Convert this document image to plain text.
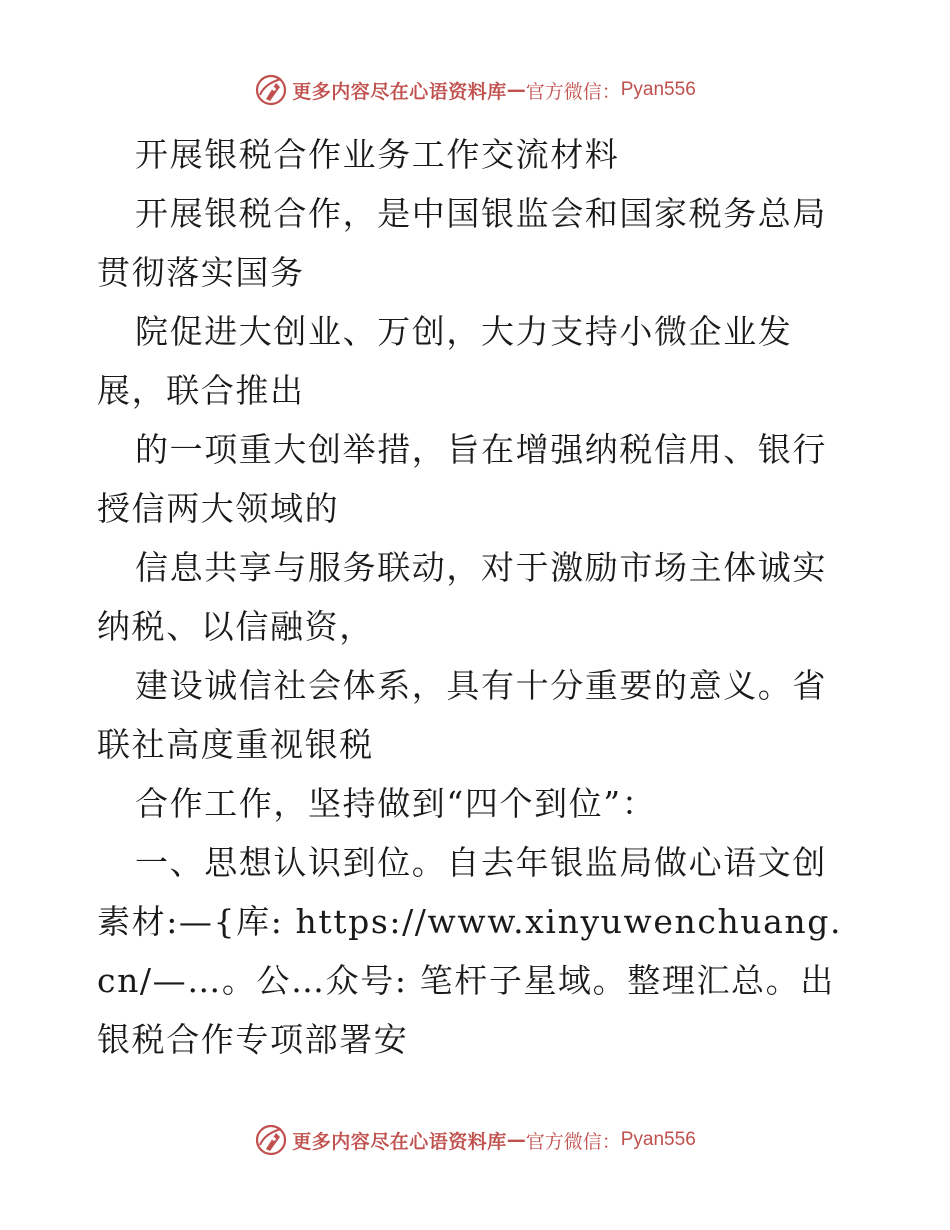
更多内容尽在心语资料库 — 官方微信： Pyan556

开展银税合作业务工作交流材料

开展银税合作，是中国银监会和国家税务总局贯彻落实国务

院促进大创业、万创，大力支持小微企业发展，联合推出

的一项重大创举措，旨在增强纳税信用、银行授信两大领域的

信息共享与服务联动，对于激励市场主体诚实纳税、以信融资，

建设诚信社会体系，具有十分重要的意义。省联社高度重视银税

合作工作，坚持做到“四个到位”：

一、思想认识到位。自去年银监局做心语文创素材:—{库: https://www.xinyuwenchuang.cn/—…。公…众号: 笔杆子星域。整理汇总。出银税合作专项部署安

更多内容尽在心语资料库 — 官方微信： Pyan556
